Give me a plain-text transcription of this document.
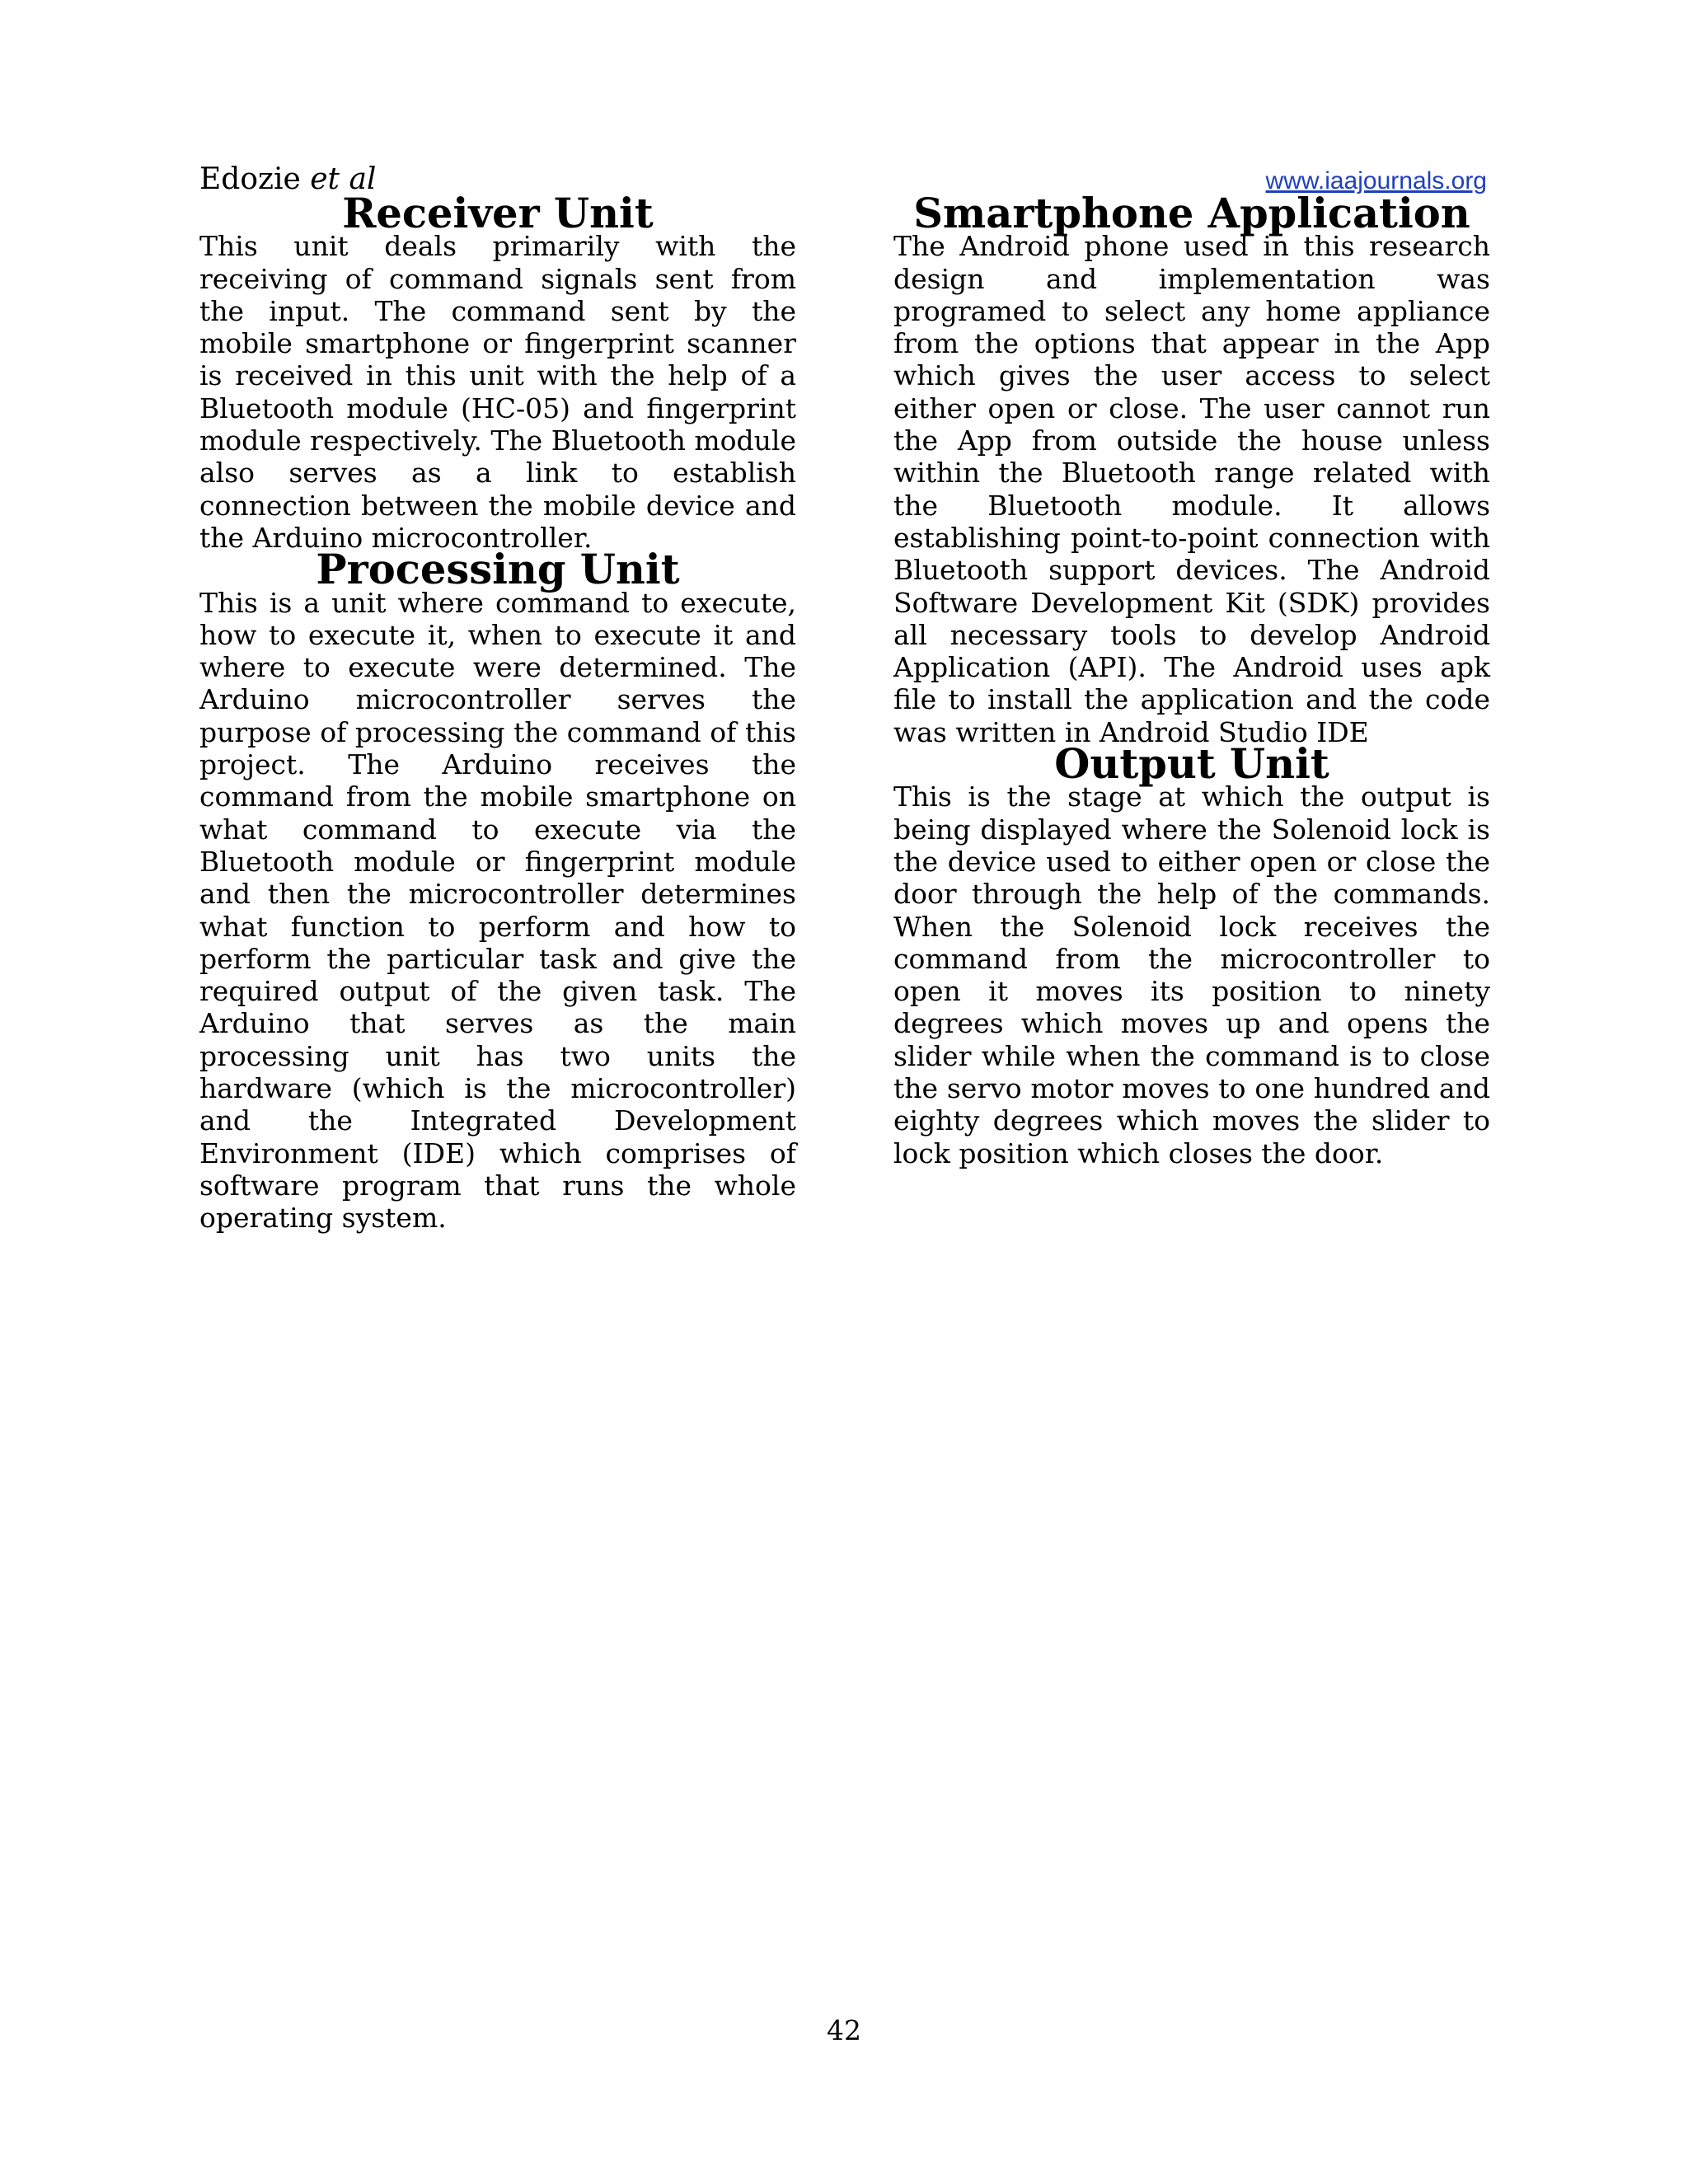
Edozie et al	www.iaajournals.org
Receiver Unit

This unit deals primarily with the receiving of command signals sent from the input. The command sent by the mobile smartphone or fingerprint scanner is received in this unit with the help of a Bluetooth module (HC-05) and fingerprint module respectively. The Bluetooth module also serves as a link to establish connection between the mobile device and the Arduino microcontroller.

Processing Unit

This is a unit where command to execute, how to execute it, when to execute it and where to execute were determined. The Arduino microcontroller serves the purpose of processing the command of this project. The Arduino receives the command from the mobile smartphone on what command to execute via the Bluetooth module or fingerprint module and then the microcontroller determines what function to perform and how to perform the particular task and give the required output of the given task. The Arduino that serves as the main processing unit has two units the hardware (which is the microcontroller) and the Integrated Development Environment (IDE) which comprises of software program that runs the whole operating system.

Smartphone Application

The Android phone used in this research design and implementation was programed to select any home appliance from the options that appear in the App which gives the user access to select either open or close. The user cannot run the App from outside the house unless within the Bluetooth range related with the Bluetooth module. It allows establishing point-to-point connection with Bluetooth support devices. The Android Software Development Kit (SDK) provides all necessary tools to develop Android Application (API). The Android uses apk file to install the application and the code was written in Android Studio IDE

Output Unit

This is the stage at which the output is being displayed where the Solenoid lock is the device used to either open or close the door through the help of the commands. When the Solenoid lock receives the command from the microcontroller to open it moves its position to ninety degrees which moves up and opens the slider while when the command is to close the servo motor moves to one hundred and eighty degrees which moves the slider to lock position which closes the door.

42
